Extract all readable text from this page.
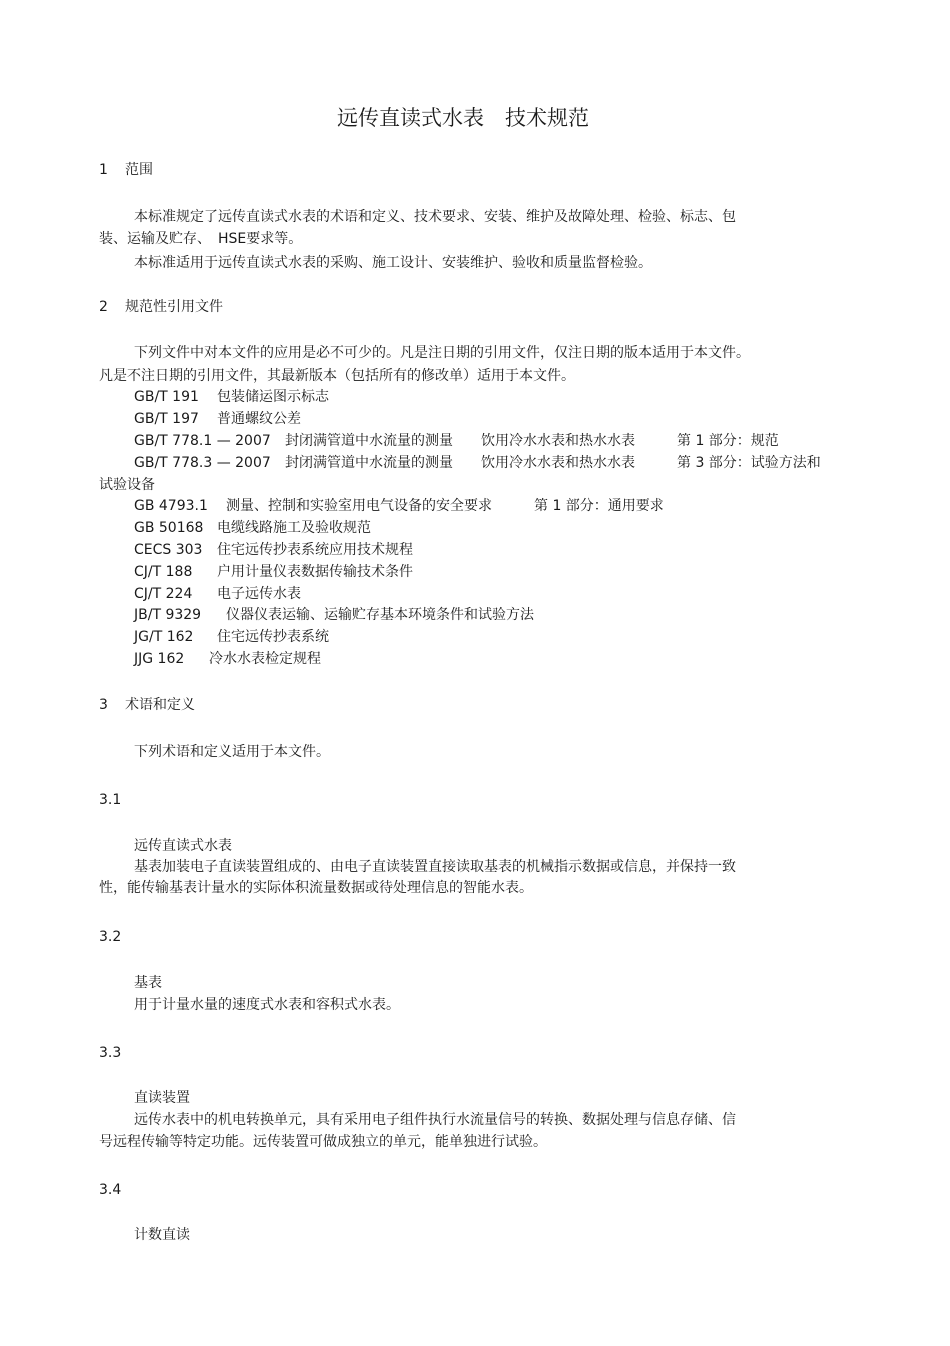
远传直读式水表　技术规范
1 范围
本标准规定了远传直读式水表的术语和定义、技术要求、安装、维护及故障处理、检验、标志、包
装、运输及贮存、　HSE要求等。
本标准适用于远传直读式水表的采购、施工设计、安装维护、验收和质量监督检验。
2 规范性引用文件
下列文件中对本文件的应用是必不可少的。凡是注日期的引用文件，仅注日期的版本适用于本文件。
凡是不注日期的引用文件，其最新版本（包括所有的修改单）适用于本文件。
GB/T 191 包装储运图示标志
GB/T 197 普通螺纹公差
GB/T 778.1 — 2007 封闭满管道中水流量的测量　　饮用冷水水表和热水水表　　　第 1 部分：规范
GB/T 778.3 — 2007 封闭满管道中水流量的测量　　饮用冷水水表和热水水表　　　第 3 部分：试验方法和
试验设备
GB 4793.1 测量、控制和实验室用电气设备的安全要求　　　第 1 部分：通用要求
GB 50168 电缆线路施工及验收规范
CECS 303 住宅远传抄表系统应用技术规程
CJ/T 188 户用计量仪表数据传输技术条件
CJ/T 224 电子远传水表
JB/T 9329 仪器仪表运输、运输贮存基本环境条件和试验方法
JG/T 162 住宅远传抄表系统
JJG 162 冷水水表检定规程
3 术语和定义
下列术语和定义适用于本文件。
3.1
远传直读式水表
基表加装电子直读装置组成的、由电子直读装置直接读取基表的机械指示数据或信息，并保持一致
性，能传输基表计量水的实际体积流量数据或待处理信息的智能水表。
3.2
基表
用于计量水量的速度式水表和容积式水表。
3.3
直读装置
远传水表中的机电转换单元，具有采用电子组件执行水流量信号的转换、数据处理与信息存储、信
号远程传输等特定功能。远传装置可做成独立的单元，能单独进行试验。
3.4
计数直读
